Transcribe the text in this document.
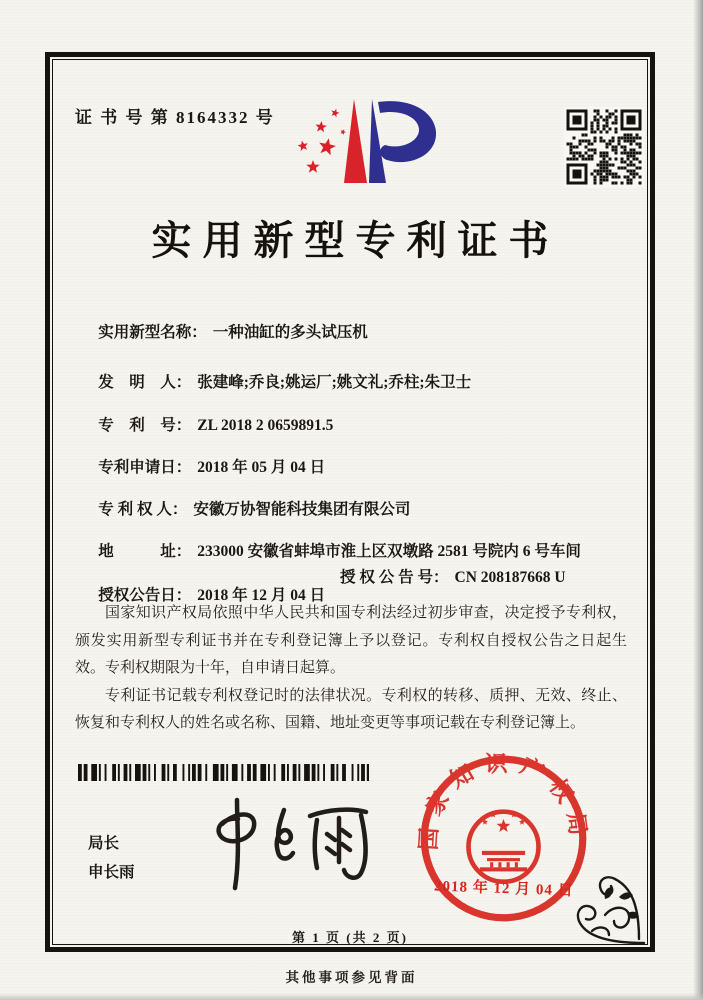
证 书 号 第 8164332 号
实用新型专利证书

实用新型名称： 一种油缸的多头试压机

发　明　人： 张建峰;乔良;姚运厂;姚文礼;乔柱;朱卫士

专　利　号： ZL 2018 2 0659891.5

专利申请日： 2018 年 05 月 04 日

专 利 权 人： 安徽万协智能科技集团有限公司

地　　　址： 233000 安徽省蚌埠市淮上区双墩路 2581 号院内 6 号车间

授权公告日： 2018 年 12 月 04 日

授 权 公 告 号： CN 208187668 U

国家知识产权局依照中华人民共和国专利法经过初步审查，决定授予专利权，颁发实用新型专利证书并在专利登记簿上予以登记。专利权自授权公告之日起生效。专利权期限为十年，自申请日起算。

专利证书记载专利权登记时的法律状况。专利权的转移、质押、无效、终止、恢复和专利权人的姓名或名称、国籍、地址变更等事项记载在专利登记簿上。

局长
申长雨
国家知识产权局
2018 年 12 月 04 日
第 1 页 (共 2 页)
其他事项参见背面
